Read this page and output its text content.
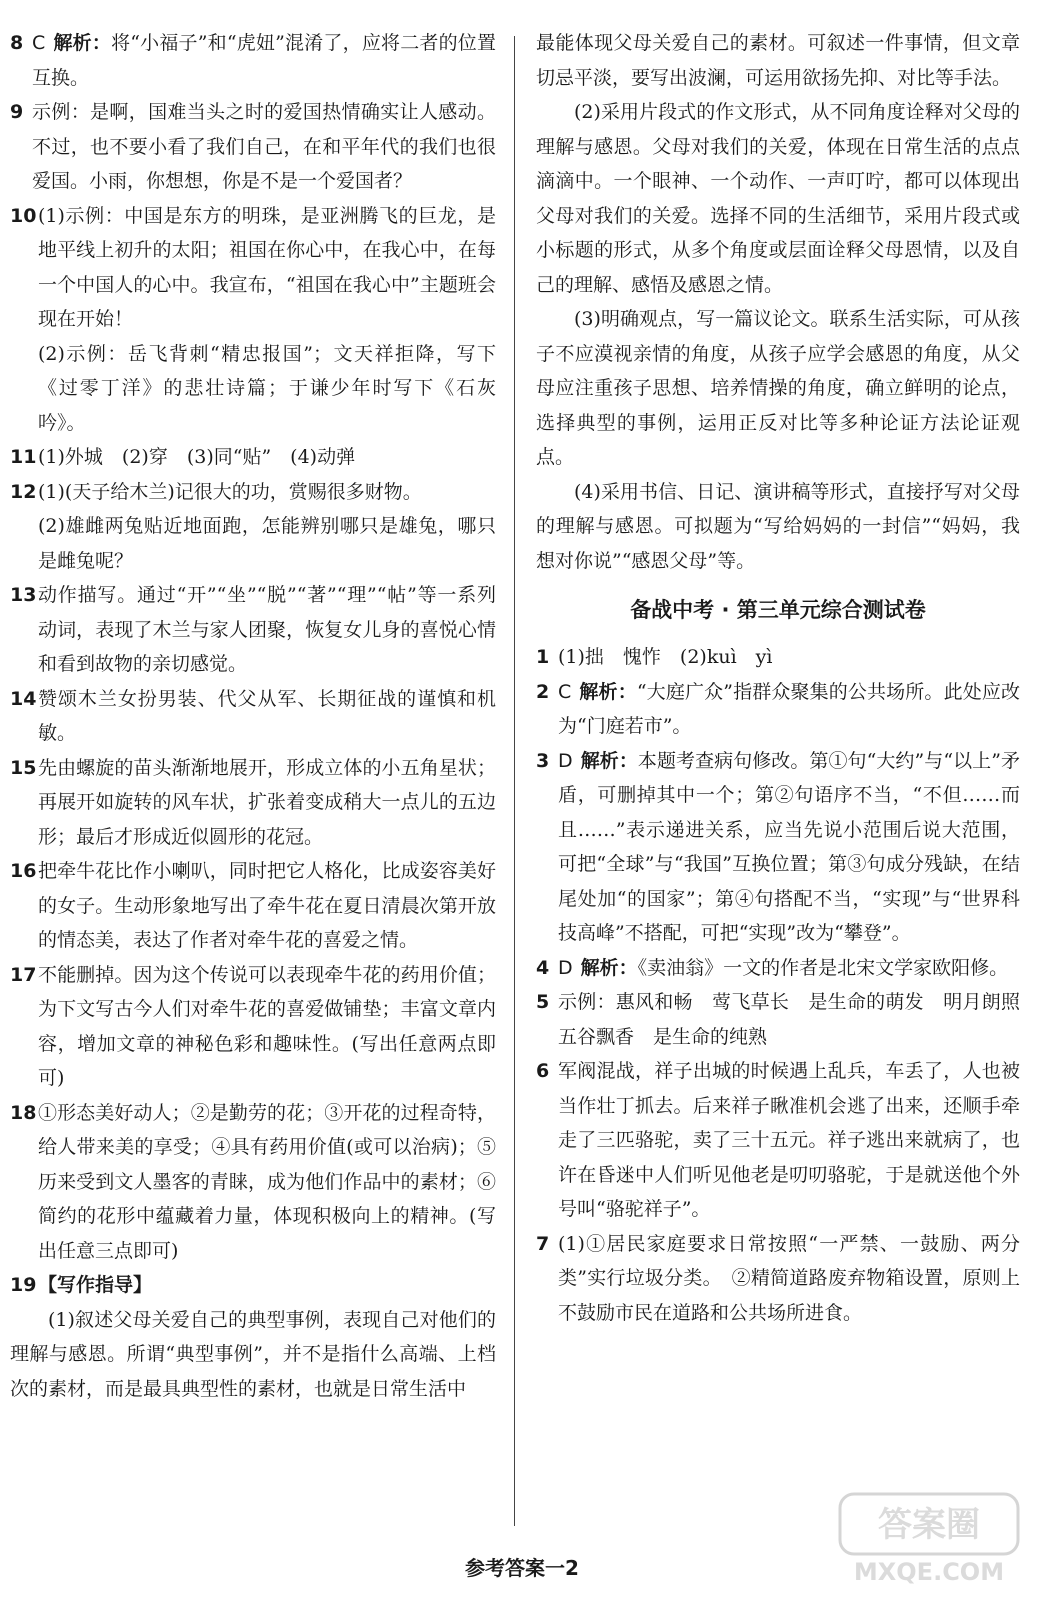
8 C 解析：将“小福子”和“虎妞”混淆了，应将二者的位置互换。
9 示例：是啊，国难当头之时的爱国热情确实让人感动。不过，也不要小看了我们自己，在和平年代的我们也很爱国。小雨，你想想，你是不是一个爱国者？
10 (1)示例：中国是东方的明珠，是亚洲腾飞的巨龙，是地平线上初升的太阳；祖国在你心中，在我心中，在每一个中国人的心中。我宣布，“祖国在我心中”主题班会现在开始！
(2)示例：岳飞背刺“精忠报国”；文天祥拒降，写下《过零丁洋》的悲壮诗篇；于谦少年时写下《石灰吟》。
11 (1)外城　(2)穿　(3)同“贴”　(4)动弹
12 (1)(天子给木兰)记很大的功，赏赐很多财物。
(2)雄雌两兔贴近地面跑，怎能辨别哪只是雄兔，哪只是雌兔呢？
13 动作描写。通过“开”“坐”“脱”“著”“理”“帖”等一系列动词，表现了木兰与家人团聚，恢复女儿身的喜悦心情和看到故物的亲切感觉。
14 赞颂木兰女扮男装、代父从军、长期征战的谨慎和机敏。
15 先由螺旋的苗头渐渐地展开，形成立体的小五角星状；再展开如旋转的风车状，扩张着变成稍大一点儿的五边形；最后才形成近似圆形的花冠。
16 把牵牛花比作小喇叭，同时把它人格化，比成姿容美好的女子。生动形象地写出了牵牛花在夏日清晨次第开放的情态美，表达了作者对牵牛花的喜爱之情。
17 不能删掉。因为这个传说可以表现牵牛花的药用价值；为下文写古今人们对牵牛花的喜爱做铺垫；丰富文章内容，增加文章的神秘色彩和趣味性。(写出任意两点即可)
18 ①形态美好动人；②是勤劳的花；③开花的过程奇特，给人带来美的享受；④具有药用价值(或可以治病)；⑤历来受到文人墨客的青睐，成为他们作品中的素材；⑥简约的花形中蕴藏着力量，体现积极向上的精神。(写出任意三点即可)
19 【写作指导】
(1)叙述父母关爱自己的典型事例，表现自己对他们的理解与感恩。所谓“典型事例”，并不是指什么高端、上档次的素材，而是最具典型性的素材，也就是日常生活中
最能体现父母关爱自己的素材。可叙述一件事情，但文章切忌平淡，要写出波澜，可运用欲扬先抑、对比等手法。
(2)采用片段式的作文形式，从不同角度诠释对父母的理解与感恩。父母对我们的关爱，体现在日常生活的点点滴滴中。一个眼神、一个动作、一声叮咛，都可以体现出父母对我们的关爱。选择不同的生活细节，采用片段式或小标题的形式，从多个角度或层面诠释父母恩情，以及自己的理解、感悟及感恩之情。
(3)明确观点，写一篇议论文。联系生活实际，可从孩子不应漠视亲情的角度，从孩子应学会感恩的角度，从父母应注重孩子思想、培养情操的角度，确立鲜明的论点，选择典型的事例，运用正反对比等多种论证方法论证观点。
(4)采用书信、日记、演讲稿等形式，直接抒写对父母的理解与感恩。可拟题为“写给妈妈的一封信”“妈妈，我想对你说”“感恩父母”等。
备战中考 · 第三单元综合测试卷
1 (1)拙　愧怍　(2)kuì　yì
2 C 解析：“大庭广众”指群众聚集的公共场所。此处应改为“门庭若市”。
3 D 解析：本题考查病句修改。第①句“大约”与“以上”矛盾，可删掉其中一个；第②句语序不当，“不但……而且……”表示递进关系，应当先说小范围后说大范围，可把“全球”与“我国”互换位置；第③句成分残缺，在结尾处加“的国家”；第④句搭配不当，“实现”与“世界科技高峰”不搭配，可把“实现”改为“攀登”。
4 D 解析：《卖油翁》一文的作者是北宋文学家欧阳修。
5 示例：惠风和畅　莺飞草长　是生命的萌发　明月朗照　五谷飘香　是生命的纯熟
6 军阀混战，祥子出城的时候遇上乱兵，车丢了，人也被当作壮丁抓去。后来祥子瞅准机会逃了出来，还顺手牵走了三匹骆驼，卖了三十五元。祥子逃出来就病了，也许在昏迷中人们听见他老是叨叨骆驼，于是就送他个外号叫“骆驼祥子”。
7 (1)①居民家庭要求日常按照“一严禁、一鼓励、两分类”实行垃圾分类。　②精简道路废弃物箱设置，原则上不鼓励市民在道路和公共场所进食。
参考答案一2
答案圈
MXQE.COM
